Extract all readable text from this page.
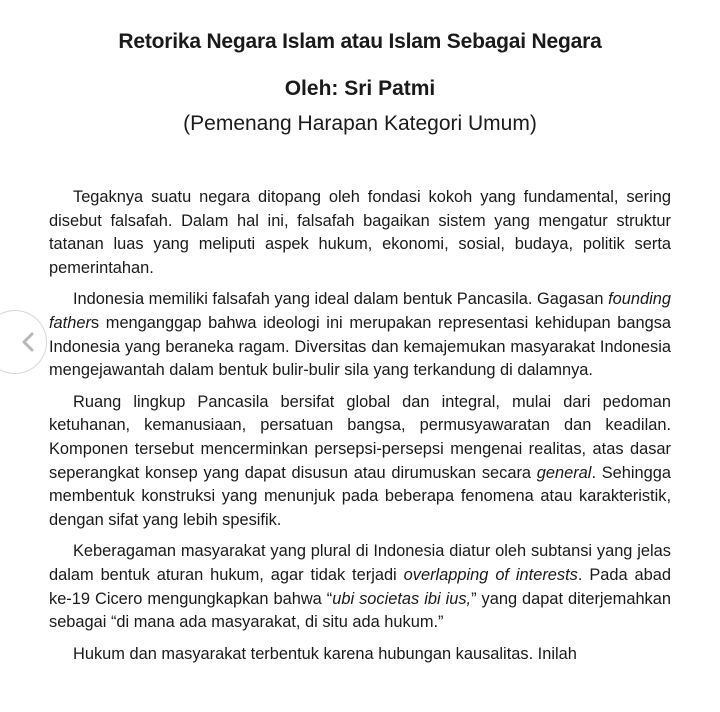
Retorika Negara Islam atau Islam Sebagai Negara
Oleh: Sri Patmi
(Pemenang Harapan Kategori Umum)

Tegaknya suatu negara ditopang oleh fondasi kokoh yang fundamental, sering disebut falsafah. Dalam hal ini, falsafah bagaikan sistem yang mengatur struktur tatanan luas yang meliputi aspek hukum, ekonomi, sosial, budaya, politik serta pemerintahan.

Indonesia memiliki falsafah yang ideal dalam bentuk Pancasila. Gagasan founding fathers menganggap bahwa ideologi ini merupakan representasi kehidupan bangsa Indonesia yang beraneka ragam. Diversitas dan kemajemukan masyarakat Indonesia mengejawantah dalam bentuk bulir-bulir sila yang terkandung di dalamnya.

Ruang lingkup Pancasila bersifat global dan integral, mulai dari pedoman ketuhanan, kemanusiaan, persatuan bangsa, permusyawaratan dan keadilan. Komponen tersebut mencerminkan persepsi-persepsi mengenai realitas, atas dasar seperangkat konsep yang dapat disusun atau dirumuskan secara general. Sehingga membentuk konstruksi yang menunjuk pada beberapa fenomena atau karakteristik, dengan sifat yang lebih spesifik.

Keberagaman masyarakat yang plural di Indonesia diatur oleh subtansi yang jelas dalam bentuk aturan hukum, agar tidak terjadi overlapping of interests. Pada abad ke-19 Cicero mengungkapkan bahwa “ubi societas ibi ius,” yang dapat diterjemahkan sebagai “di mana ada masyarakat, di situ ada hukum.”

Hukum dan masyarakat terbentuk karena hubungan kausalitas. Inilah
